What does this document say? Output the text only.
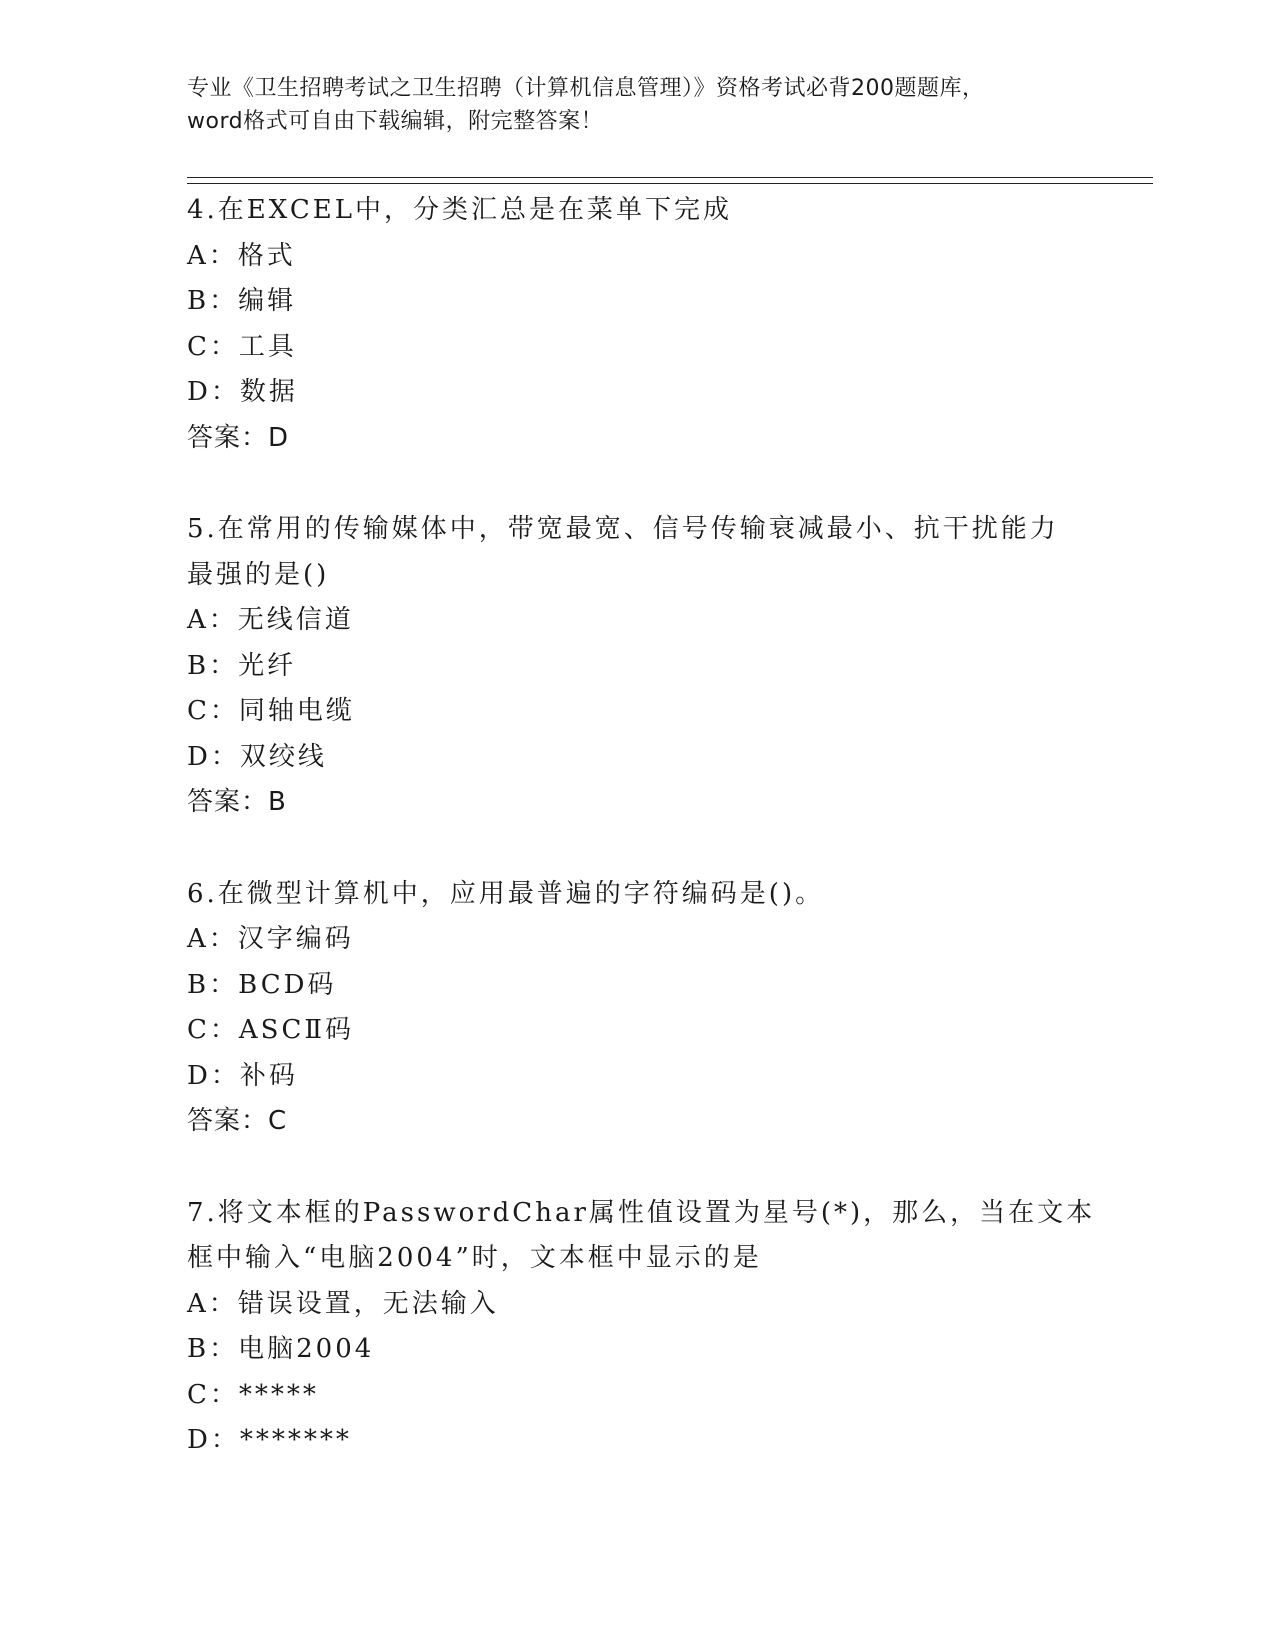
专业《卫生招聘考试之卫生招聘（计算机信息管理）》资格考试必背200题题库，
word格式可自由下载编辑，附完整答案！
4.在EXCEL中，分类汇总是在菜单下完成
A：格式
B：编辑
C：工具
D：数据
答案：D
5.在常用的传输媒体中，带宽最宽、信号传输衰减最小、抗干扰能力
最强的是()
A：无线信道
B：光纤
C：同轴电缆
D：双绞线
答案：B
6.在微型计算机中，应用最普遍的字符编码是()。
A：汉字编码
B：BCD码
C：ASCⅡ码
D：补码
答案：C
7.将文本框的PasswordChar属性值设置为星号(*)，那么，当在文本
框中输入“电脑2004”时，文本框中显示的是
A：错误设置，无法输入
B：电脑2004
C：*****
D：*******
